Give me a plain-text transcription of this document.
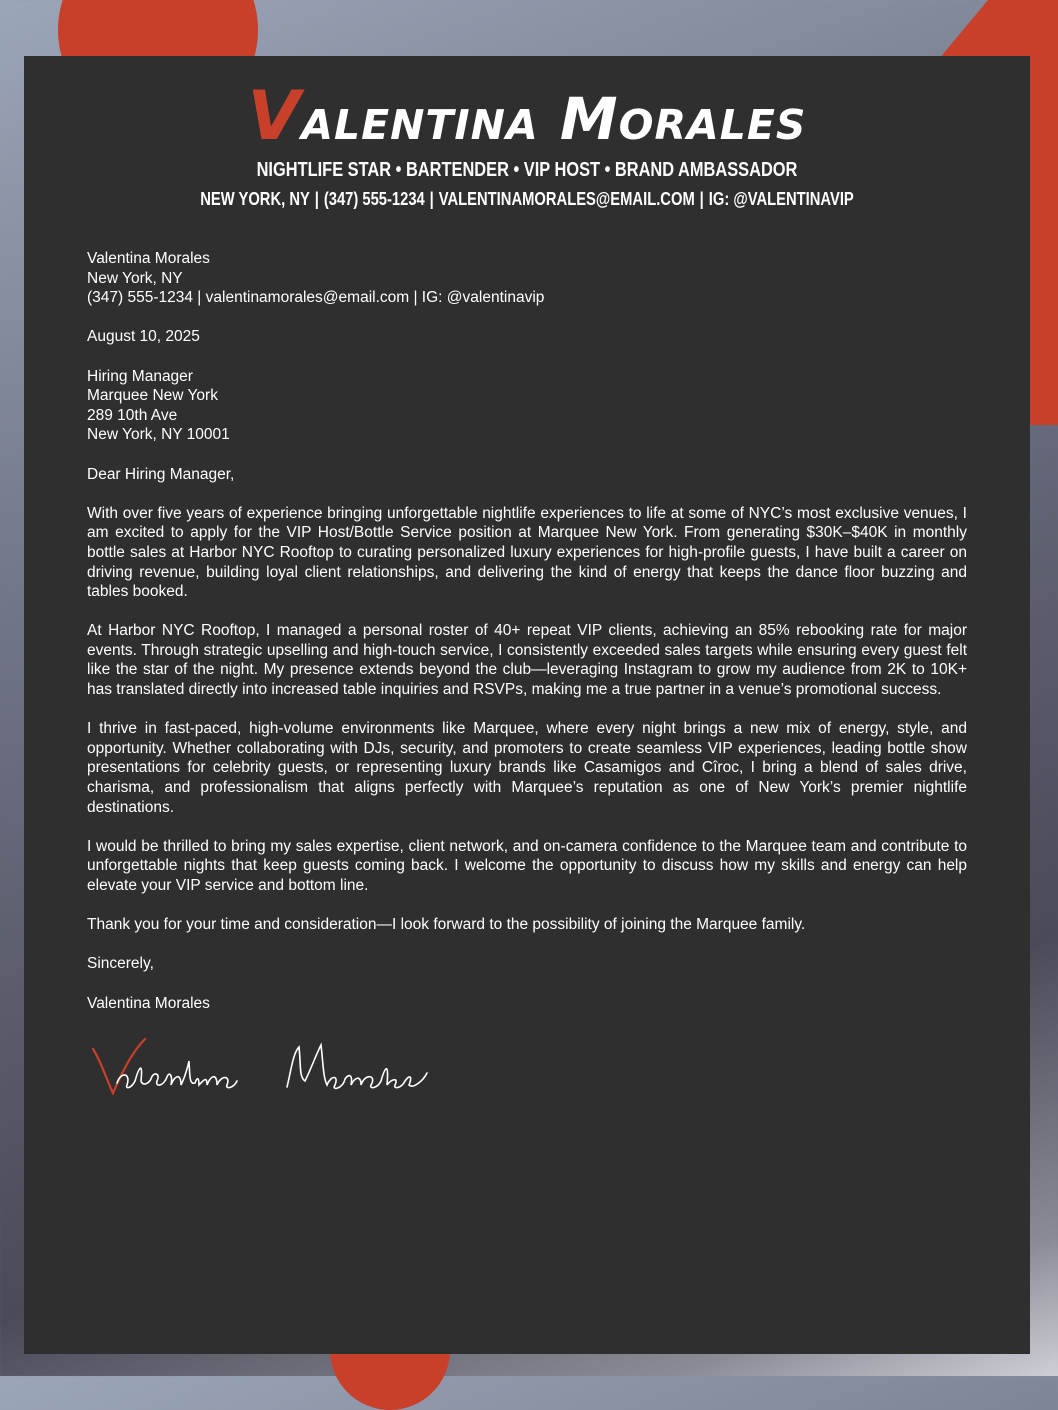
Valentina Morales
NIGHTLIFE STAR • BARTENDER • VIP HOST • BRAND AMBASSADOR
NEW YORK, NY | (347) 555-1234 | VALENTINAMORALES@EMAIL.COM | IG: @VALENTINAVIP
Valentina Morales
New York, NY
(347) 555-1234 | valentinamorales@email.com | IG: @valentinavip
August 10, 2025
Hiring Manager
Marquee New York
289 10th Ave
New York, NY 10001
Dear Hiring Manager,

With over five years of experience bringing unforgettable nightlife experiences to life at some of NYC’s most exclusive venues, I am excited to apply for the VIP Host/Bottle Service position at Marquee New York. From generating $30K–$40K in monthly bottle sales at Harbor NYC Rooftop to curating personalized luxury experiences for high-profile guests, I have built a career on driving revenue, building loyal client relationships, and delivering the kind of energy that keeps the dance floor buzzing and tables booked.

At Harbor NYC Rooftop, I managed a personal roster of 40+ repeat VIP clients, achieving an 85% rebooking rate for major events. Through strategic upselling and high-touch service, I consistently exceeded sales targets while ensuring every guest felt like the star of the night. My presence extends beyond the club—leveraging Instagram to grow my audience from 2K to 10K+ has translated directly into increased table inquiries and RSVPs, making me a true partner in a venue’s promotional success.

I thrive in fast-paced, high-volume environments like Marquee, where every night brings a new mix of energy, style, and opportunity. Whether collaborating with DJs, security, and promoters to create seamless VIP experiences, leading bottle show presentations for celebrity guests, or representing luxury brands like Casamigos and Cîroc, I bring a blend of sales drive, charisma, and professionalism that aligns perfectly with Marquee’s reputation as one of New York’s premier nightlife destinations.

I would be thrilled to bring my sales expertise, client network, and on-camera confidence to the Marquee team and contribute to unforgettable nights that keep guests coming back. I welcome the opportunity to discuss how my skills and energy can help elevate your VIP service and bottom line.

Thank you for your time and consideration—I look forward to the possibility of joining the Marquee family.

Sincerely,
Valentina Morales
